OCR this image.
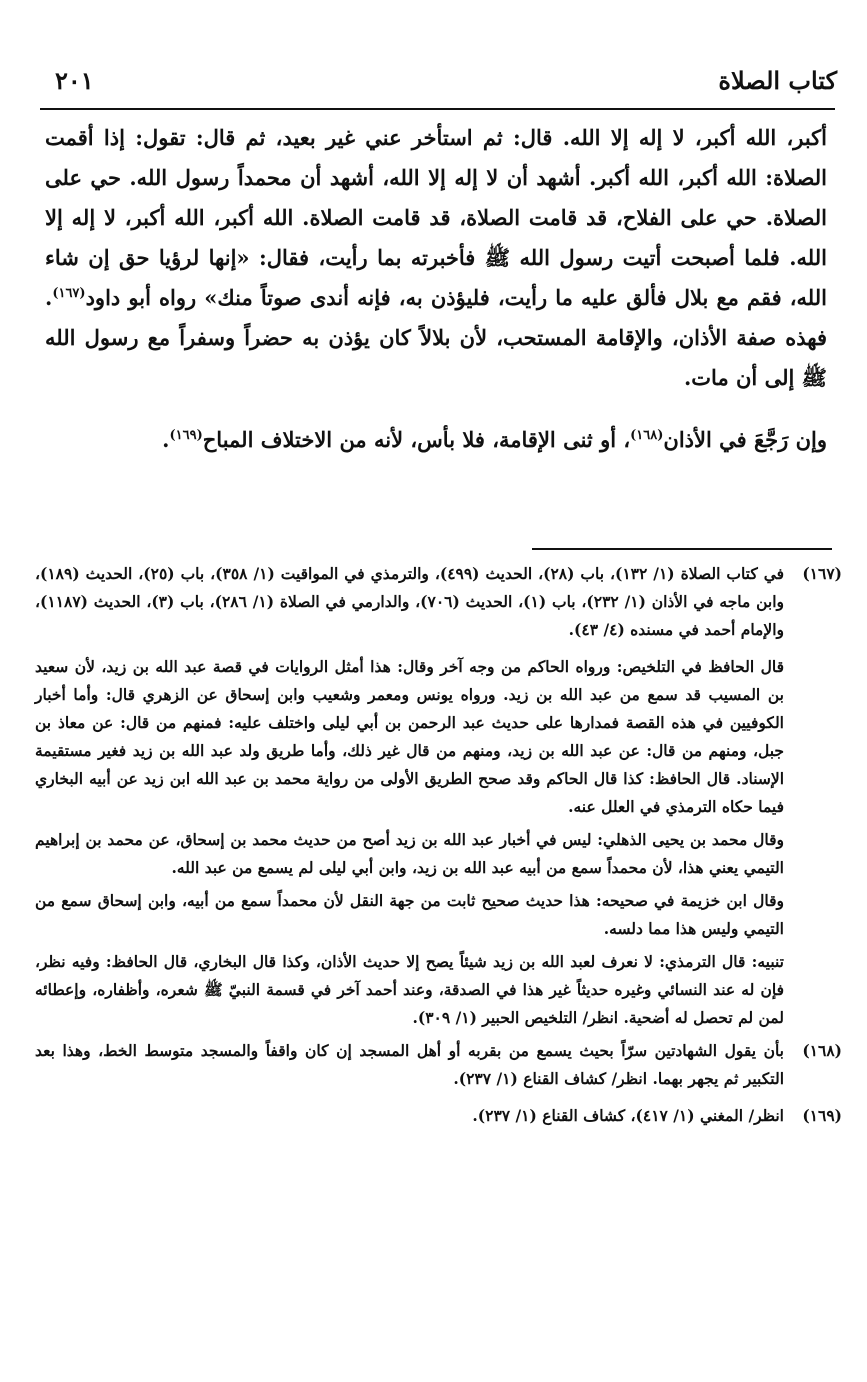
كتاب الصلاة
٢٠١

أكبر، الله أكبر، لا إله إلا الله. قال: ثم استأخر عني غير بعيد، ثم قال: تقول: إذا أقمت الصلاة: الله أكبر، الله أكبر. أشهد أن لا إله إلا الله، أشهد أن محمداً رسول الله. حي على الصلاة. حي على الفلاح، قد قامت الصلاة، قد قامت الصلاة. الله أكبر، الله أكبر، لا إله إلا الله. فلما أصبحت أتيت رسول الله ﷺ فأخبرته بما رأيت، فقال: «إنها لرؤيا حق إن شاء الله، فقم مع بلال فألق عليه ما رأيت، فليؤذن به، فإنه أندى صوتاً منك» رواه أبو داود$^{(١٦٧)}$. فهذه صفة الأذان، والإقامة المستحب، لأن بلالاً كان يؤذن به حضراً وسفراً مع رسول الله ﷺ إلى أن مات.

وإن رَجَّعَ في الأذان$^{(١٦٨)}$، أو ثنى الإقامة، فلا بأس، لأنه من الاختلاف المباح$^{(١٦٩)}$.

(١٦٧)

في كتاب الصلاة (١/ ١٣٢)، باب (٢٨)، الحديث (٤٩٩)، والترمذي في المواقيت (١/ ٣٥٨)، باب (٢٥)، الحديث (١٨٩)، وابن ماجه في الأذان (١/ ٢٣٢)، باب (١)، الحديث (٧٠٦)، والدارمي في الصلاة (١/ ٢٨٦)، باب (٣)، الحديث (١١٨٧)، والإمام أحمد في مسنده (٤/ ٤٣).

قال الحافظ في التلخيص: ورواه الحاكم من وجه آخر وقال: هذا أمثل الروايات في قصة عبد الله بن زيد، لأن سعيد بن المسيب قد سمع من عبد الله بن زيد. ورواه يونس ومعمر وشعيب وابن إسحاق عن الزهري قال: وأما أخبار الكوفيين في هذه القصة فمدارها على حديث عبد الرحمن بن أبي ليلى واختلف عليه: فمنهم من قال: عن معاذ بن جبل، ومنهم من قال: عن عبد الله بن زيد، ومنهم من قال غير ذلك، وأما طريق ولد عبد الله بن زيد فغير مستقيمة الإسناد. قال الحافظ: كذا قال الحاكم وقد صحح الطريق الأولى من رواية محمد بن عبد الله ابن زيد عن أبيه البخاري فيما حكاه الترمذي في العلل عنه.

وقال محمد بن يحيى الذهلي: ليس في أخبار عبد الله بن زيد أصح من حديث محمد بن إسحاق، عن محمد بن إبراهيم التيمي يعني هذا، لأن محمداً سمع من أبيه عبد الله بن زيد، وابن أبي ليلى لم يسمع من عبد الله.

وقال ابن خزيمة في صحيحه: هذا حديث صحيح ثابت من جهة النقل لأن محمداً سمع من أبيه، وابن إسحاق سمع من التيمي وليس هذا مما دلسه.

تنبيه: قال الترمذي: لا نعرف لعبد الله بن زيد شيئاً يصح إلا حديث الأذان، وكذا قال البخاري، قال الحافظ: وفيه نظر، فإن له عند النسائي وغيره حديثاً غير هذا في الصدقة، وعند أحمد آخر في قسمة النبيّ ﷺ شعره، وأظفاره، وإعطائه لمن لم تحصل له أضحية. انظر/ التلخيص الحبير (١/ ٣٠٩).

(١٦٨)

بأن يقول الشهادتين سرّاً بحيث يسمع من بقربه أو أهل المسجد إن كان واقفاً والمسجد متوسط الخط، وهذا بعد التكبير ثم يجهر بهما. انظر/ كشاف القناع (١/ ٢٣٧).

(١٦٩)

انظر/ المغني (١/ ٤١٧)، كشاف القناع (١/ ٢٣٧).
